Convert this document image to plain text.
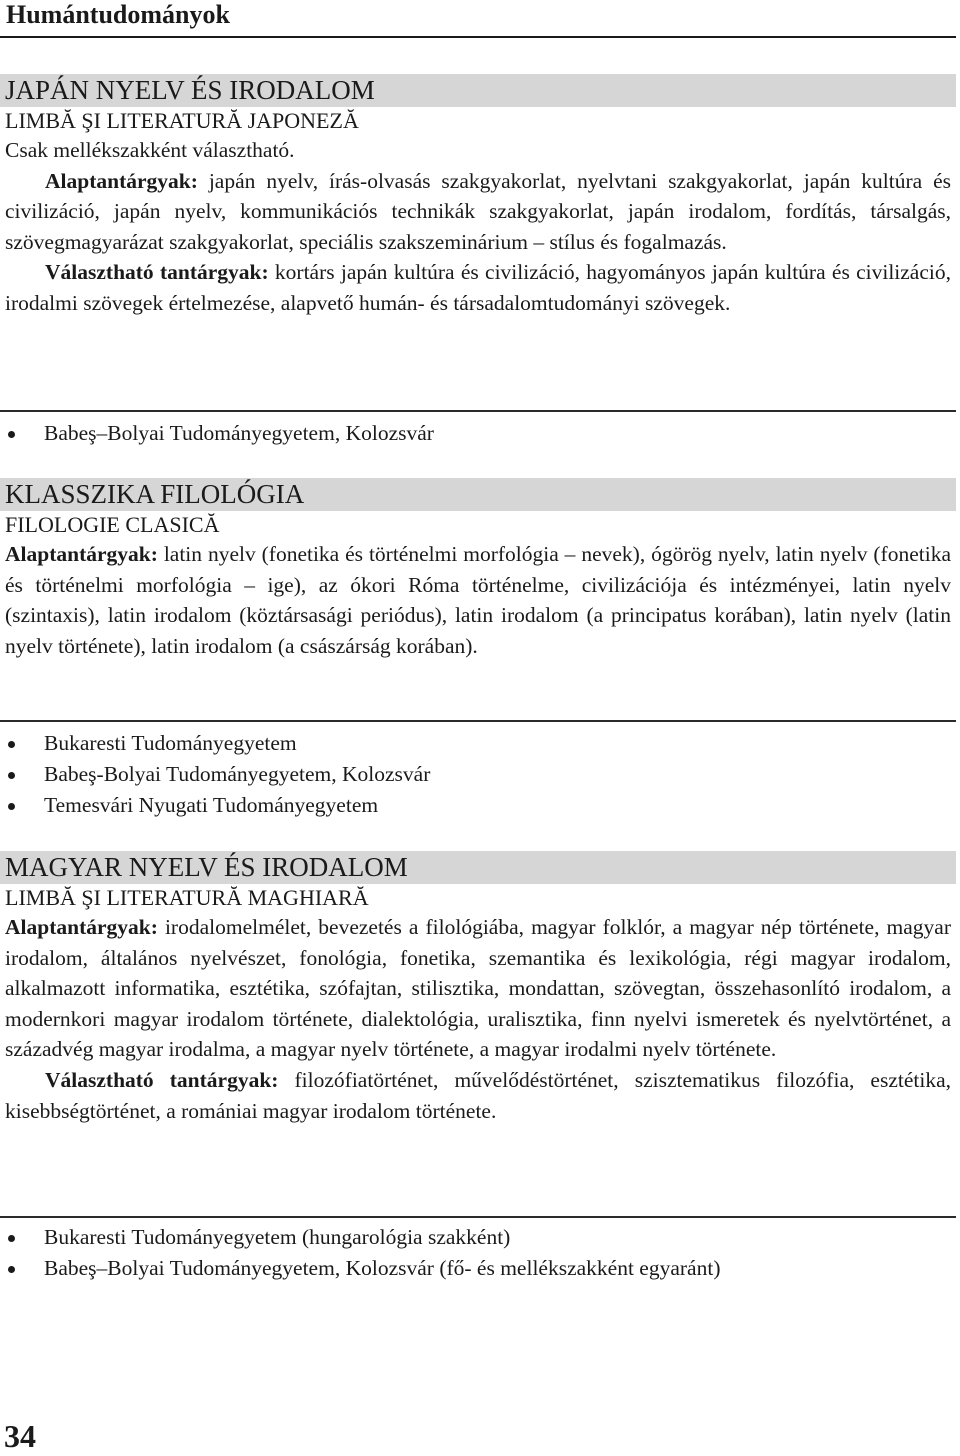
Humántudományok
JAPÁN NYELV ÉS IRODALOM
LIMBĂ ŞI LITERATURĂ JAPONEZĂ

Csak mellékszakként választható.

Alaptantárgyak: japán nyelv, írás-olvasás szakgyakorlat, nyelvtani szakgyakorlat, japán kultúra és civilizáció, japán nyelv, kommunikációs technikák szakgyakorlat, japán irodalom, fordítás, társalgás, szövegmagyarázat szakgyakorlat, speciális szakszeminárium – stílus és fogalmazás.

Választható tantárgyak: kortárs japán kultúra és civilizáció, hagyományos japán kultúra és civilizáció, irodalmi szövegek értelmezése, alapvető humán- és társadalomtudományi szövegek.

Babeş–Bolyai Tudományegyetem, Kolozsvár
KLASSZIKA FILOLÓGIA
FILOLOGIE CLASICĂ

Alaptantárgyak: latin nyelv (fonetika és történelmi morfológia – nevek), ógörög nyelv, latin nyelv (fonetika és történelmi morfológia – ige), az ókori Róma történelme, civilizációja és intézményei, latin nyelv (szintaxis), latin irodalom (köztársasági periódus), latin irodalom (a principatus korában), latin nyelv (latin nyelv története), latin irodalom (a császárság korában).

Bukaresti Tudományegyetem
Babeş-Bolyai Tudományegyetem, Kolozsvár
Temesvári Nyugati Tudományegyetem
MAGYAR NYELV ÉS IRODALOM
LIMBĂ ŞI LITERATURĂ MAGHIARĂ

Alaptantárgyak: irodalomelmélet, bevezetés a filológiába, magyar folklór, a magyar nép története, magyar irodalom, általános nyelvészet, fonológia, fonetika, szemantika és lexikológia, régi magyar irodalom, alkalmazott informatika, esztétika, szófajtan, stilisztika, mondattan, szövegtan, összehasonlító irodalom, a modernkori magyar irodalom története, dialektológia, uralisztika, finn nyelvi ismeretek és nyelvtörténet, a századvég magyar irodalma, a magyar nyelv története, a magyar irodalmi nyelv története.

Választható tantárgyak: filozófiatörténet, művelődéstörténet, szisztematikus filozófia, esztétika, kisebbségtörténet, a romániai magyar irodalom története.

Bukaresti Tudományegyetem (hungarológia szakként)
Babeş–Bolyai Tudományegyetem, Kolozsvár (fő- és mellékszakként egyaránt)
34
